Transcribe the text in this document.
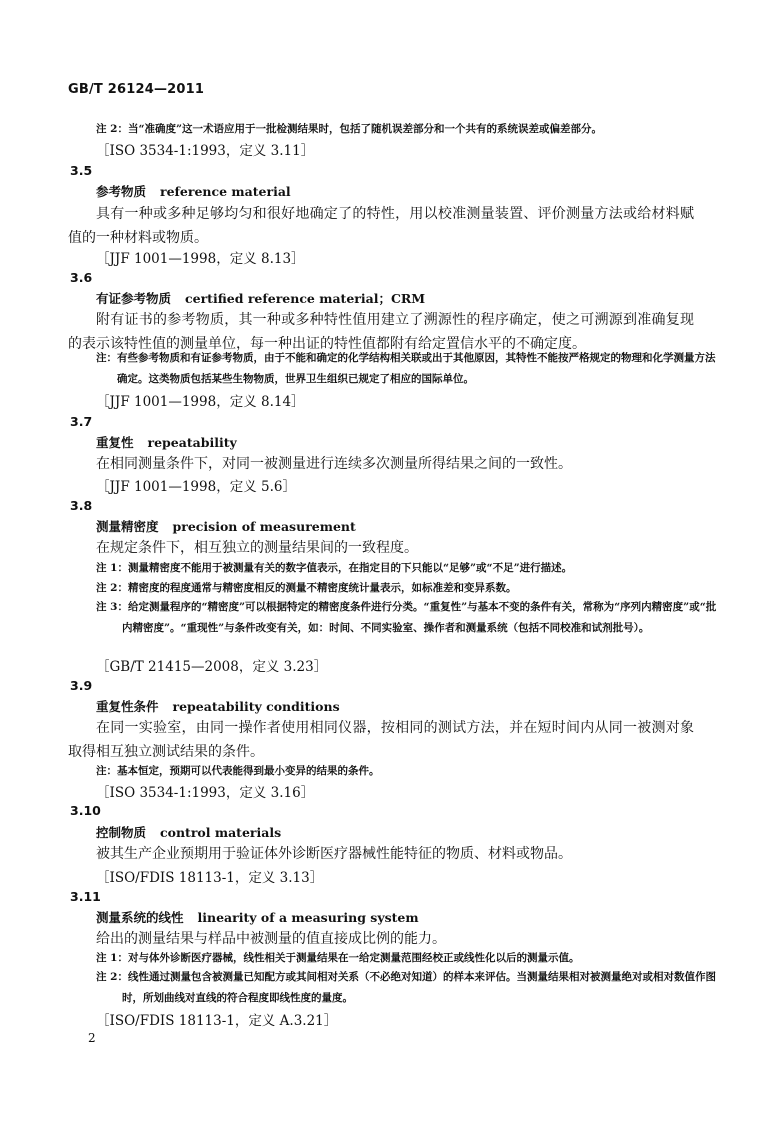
GB/T 26124—2011
注 2：当“准确度”这一术语应用于一批检测结果时，包括了随机误差部分和一个共有的系统误差或偏差部分。
［ISO 3534-1:1993，定义 3.11］
3.5
参考物质 reference material
具有一种或多种足够均匀和很好地确定了的特性，用以校准测量装置、评价测量方法或给材料赋值的一种材料或物质。
［JJF 1001—1998，定义 8.13］
3.6
有证参考物质 certified reference material；CRM
附有证书的参考物质，其一种或多种特性值用建立了溯源性的程序确定，使之可溯源到准确复现的表示该特性值的测量单位，每一种出证的特性值都附有给定置信水平的不确定度。
注：有些参考物质和有证参考物质，由于不能和确定的化学结构相关联或出于其他原因，其特性不能按严格规定的物理和化学测量方法确定。这类物质包括某些生物物质，世界卫生组织已规定了相应的国际单位。
［JJF 1001—1998，定义 8.14］
3.7
重复性 repeatability
在相同测量条件下，对同一被测量进行连续多次测量所得结果之间的一致性。
［JJF 1001—1998，定义 5.6］
3.8
测量精密度 precision of measurement
在规定条件下，相互独立的测量结果间的一致程度。
注 1：测量精密度不能用于被测量有关的数字值表示，在指定目的下只能以“足够”或“不足”进行描述。
注 2：精密度的程度通常与精密度相反的测量不精密度统计量表示，如标准差和变异系数。
注 3：给定测量程序的“精密度”可以根据特定的精密度条件进行分类。“重复性”与基本不变的条件有关，常称为“序列内精密度”或“批内精密度”。“重现性”与条件改变有关，如：时间、不同实验室、操作者和测量系统（包括不同校准和试剂批号）。
［GB/T 21415—2008，定义 3.23］
3.9
重复性条件 repeatability conditions
在同一实验室，由同一操作者使用相同仪器，按相同的测试方法，并在短时间内从同一被测对象取得相互独立测试结果的条件。
注：基本恒定，预期可以代表能得到最小变异的结果的条件。
［ISO 3534-1:1993，定义 3.16］
3.10
控制物质 control materials
被其生产企业预期用于验证体外诊断医疗器械性能特征的物质、材料或物品。
［ISO/FDIS 18113-1，定义 3.13］
3.11
测量系统的线性 linearity of a measuring system
给出的测量结果与样品中被测量的值直接成比例的能力。
注 1：对与体外诊断医疗器械，线性相关于测量结果在一给定测量范围经校正或线性化以后的测量示值。
注 2：线性通过测量包含被测量已知配方或其间相对关系（不必绝对知道）的样本来评估。当测量结果相对被测量绝对或相对数值作图时，所划曲线对直线的符合程度即线性度的量度。
［ISO/FDIS 18113-1，定义 A.3.21］
2
